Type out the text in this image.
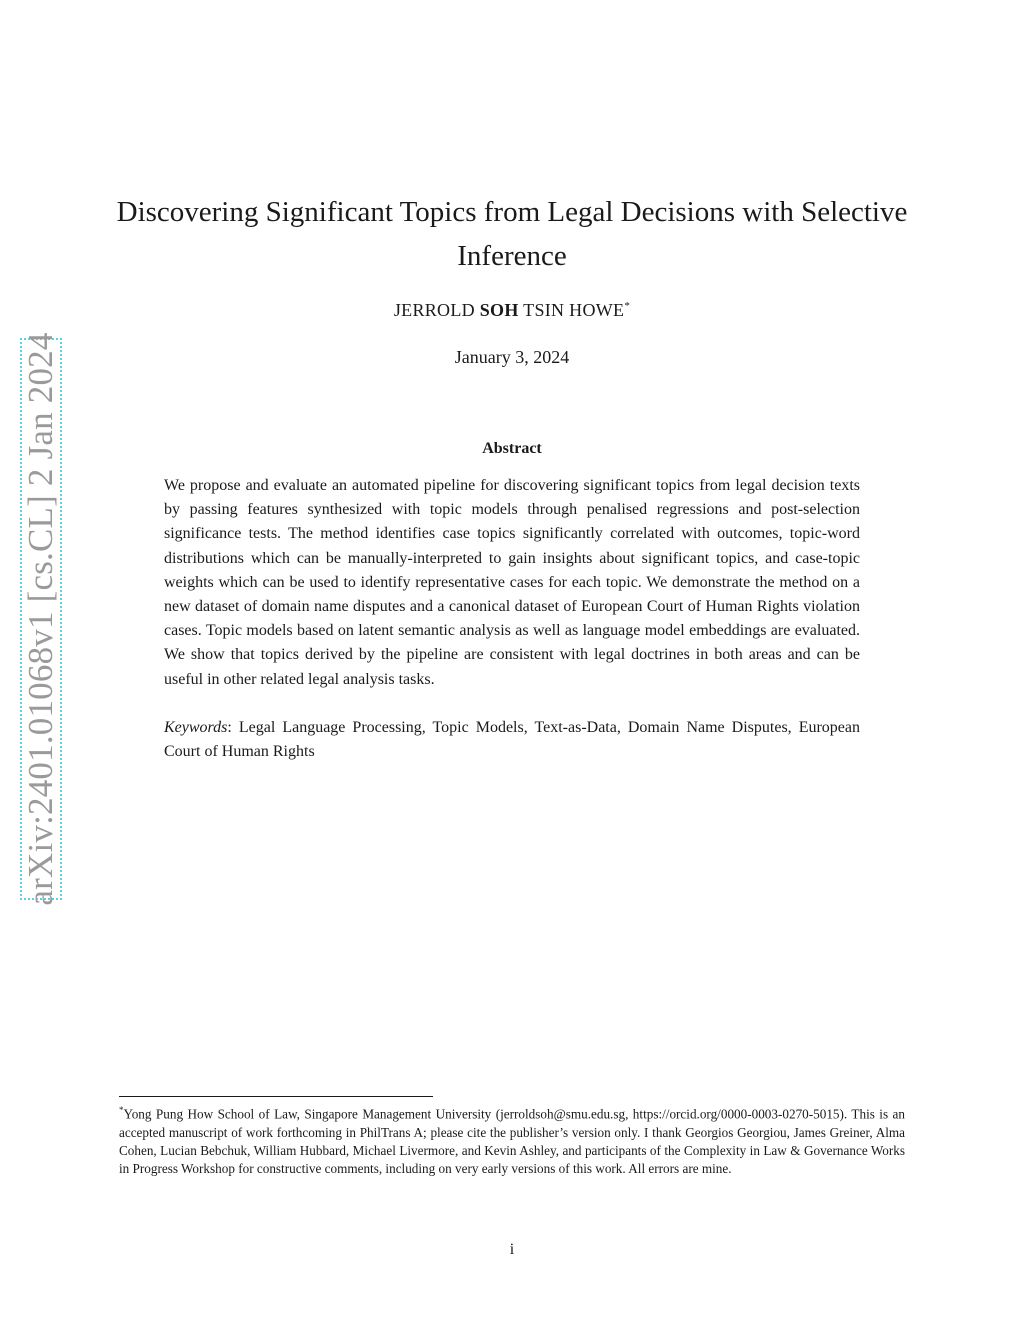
arXiv:2401.01068v1 [cs.CL] 2 Jan 2024
Discovering Significant Topics from Legal Decisions with Selective Inference
JERROLD SOH TSIN HOWE*
January 3, 2024
Abstract

We propose and evaluate an automated pipeline for discovering significant topics from legal decision texts by passing features synthesized with topic models through penalised regressions and post-selection significance tests. The method identifies case topics significantly correlated with outcomes, topic-word distributions which can be manually-interpreted to gain insights about significant topics, and case-topic weights which can be used to identify representative cases for each topic. We demonstrate the method on a new dataset of domain name disputes and a canonical dataset of European Court of Human Rights violation cases. Topic models based on latent semantic analysis as well as language model embeddings are evaluated. We show that topics derived by the pipeline are consistent with legal doctrines in both areas and can be useful in other related legal analysis tasks.

Keywords: Legal Language Processing, Topic Models, Text-as-Data, Domain Name Disputes, European Court of Human Rights

*Yong Pung How School of Law, Singapore Management University (jerroldsoh@smu.edu.sg, https://orcid.org/0000-0003-0270-5015). This is an accepted manuscript of work forthcoming in PhilTrans A; please cite the publisher’s version only. I thank Georgios Georgiou, James Greiner, Alma Cohen, Lucian Bebchuk, William Hubbard, Michael Livermore, and Kevin Ashley, and participants of the Complexity in Law & Governance Works in Progress Workshop for constructive comments, including on very early versions of this work. All errors are mine.

i
